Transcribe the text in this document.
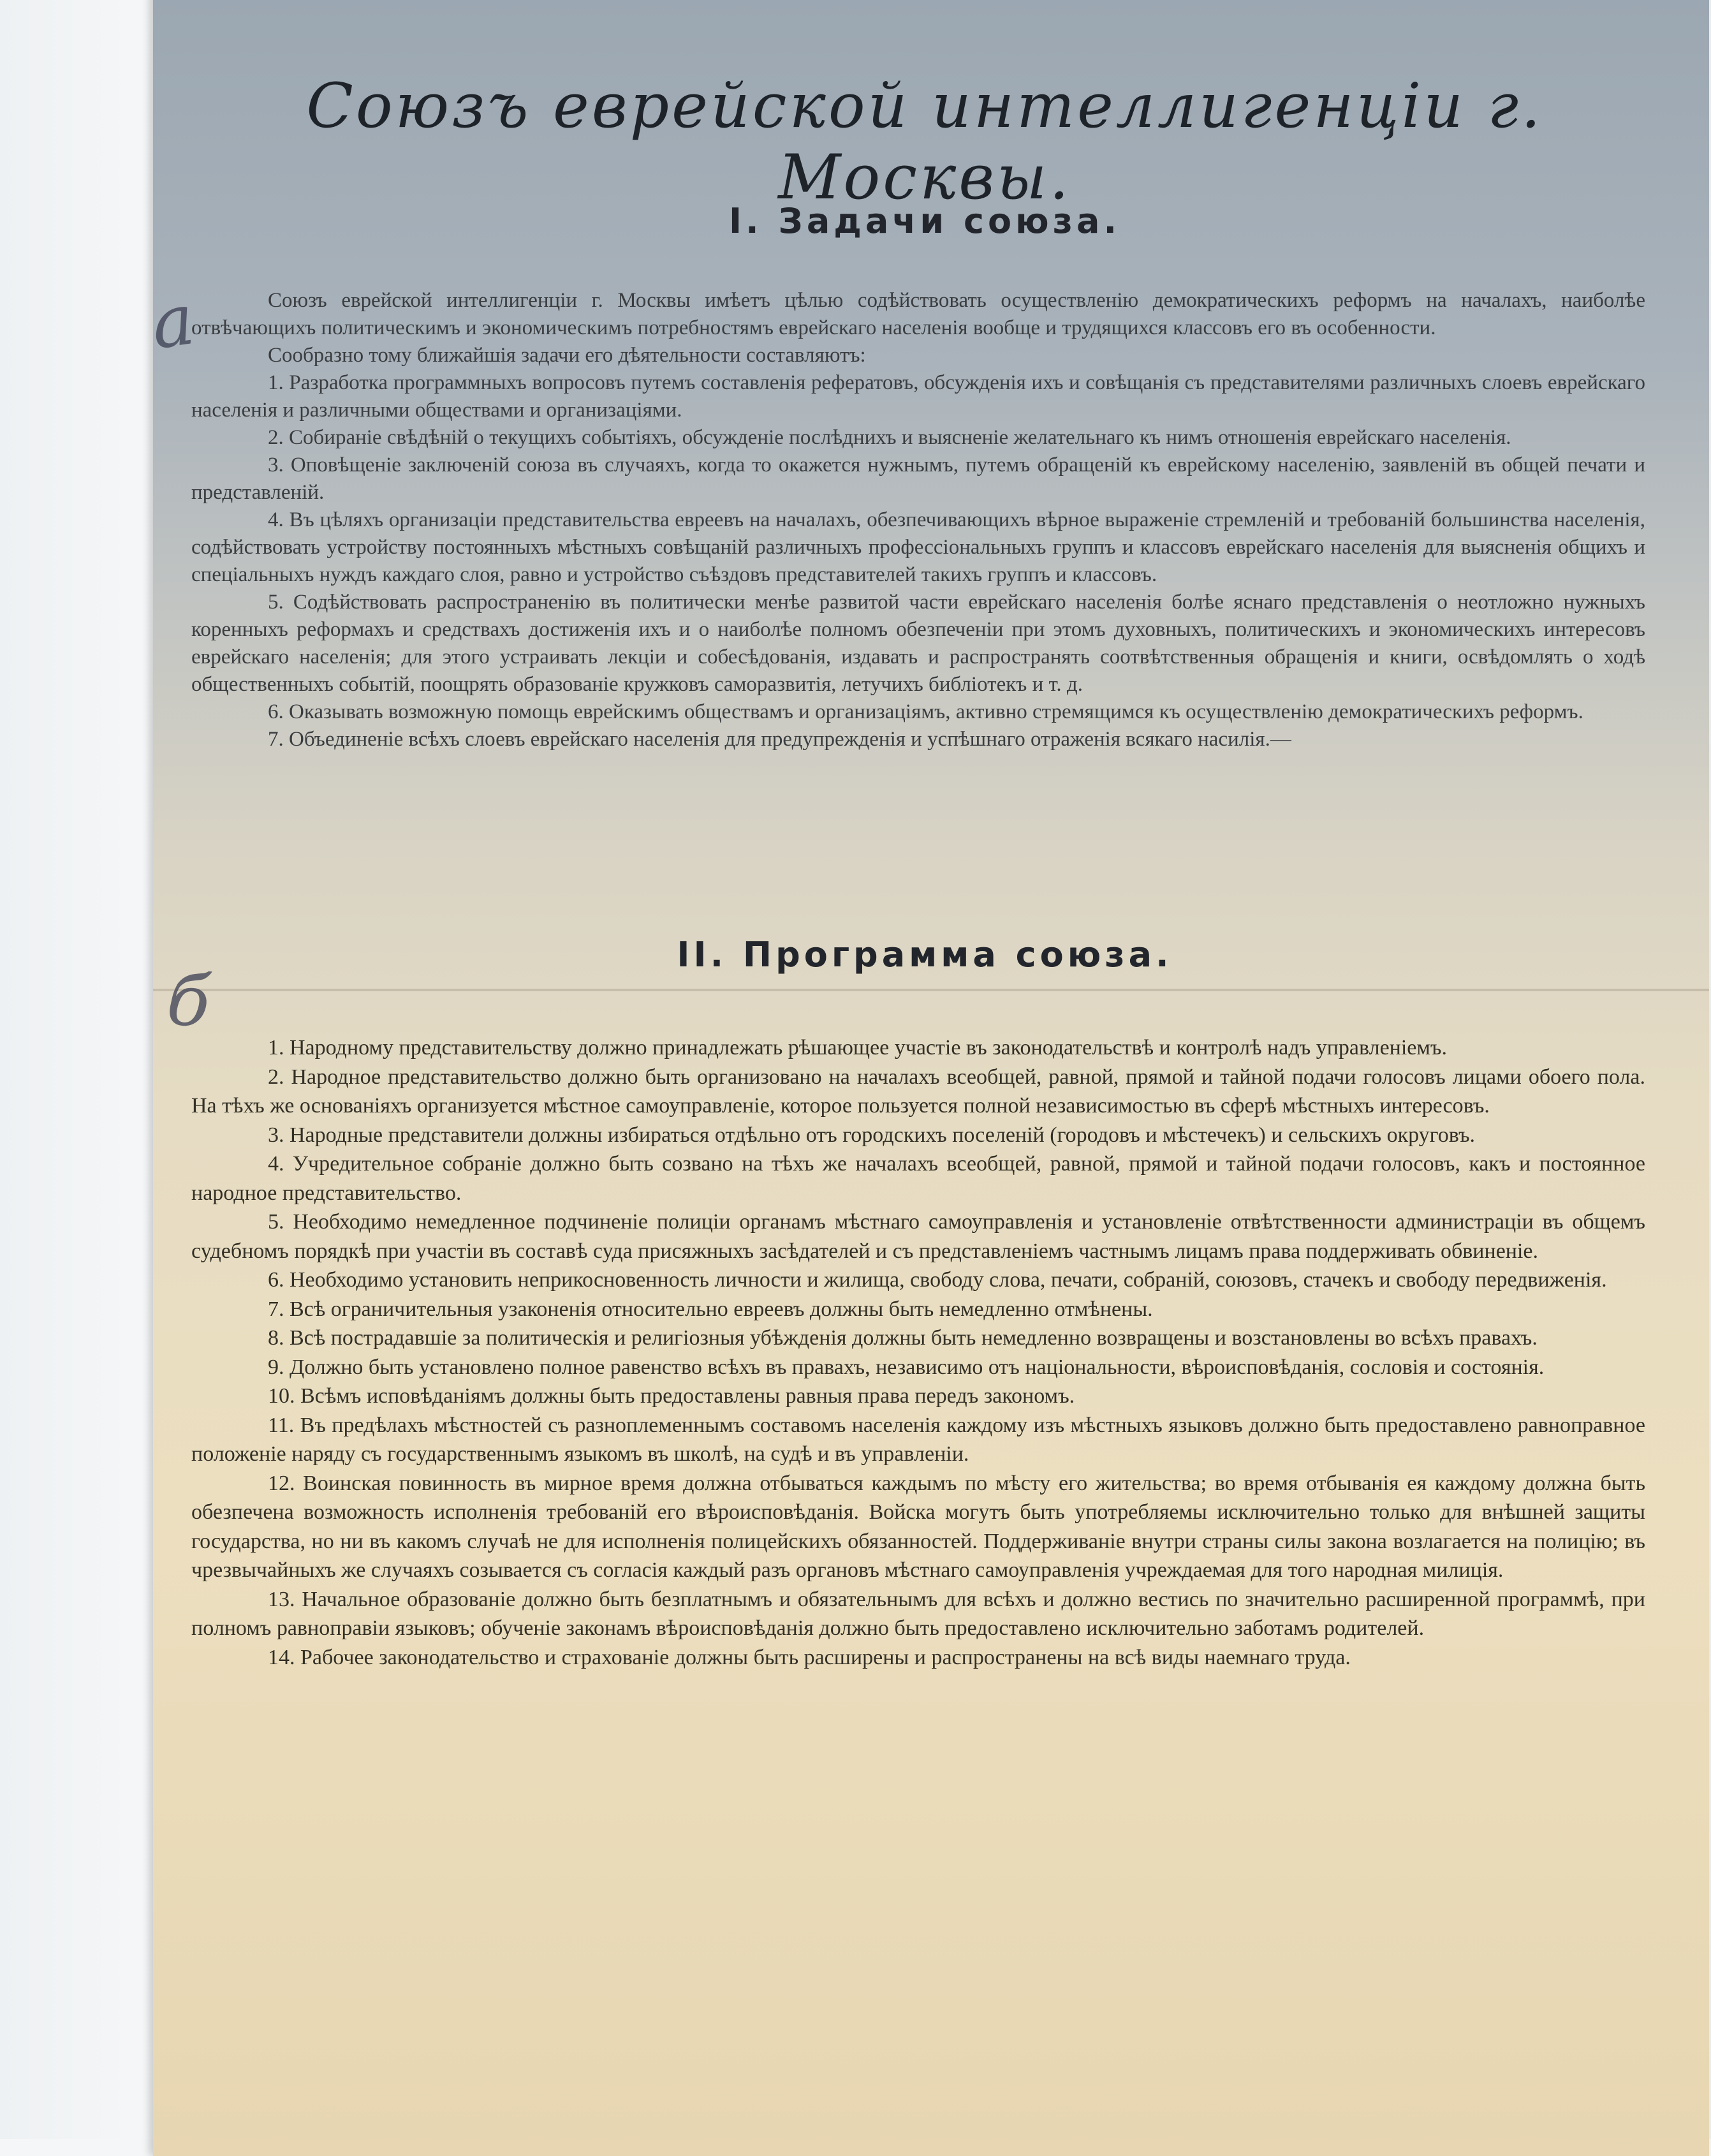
Союзъ еврейской интеллигенціи г. Москвы.
I. Задачи союза.

Союзъ еврейской интеллигенціи г. Москвы имѣетъ цѣлью содѣйствовать осуществленію демократическихъ реформъ на началахъ, наиболѣе отвѣчающихъ политическимъ и экономическимъ потребностямъ еврейскаго населенія вообще и трудящихся классовъ его въ особенности.

Сообразно тому ближайшія задачи его дѣятельности составляютъ:

1. Разработка программныхъ вопросовъ путемъ составленія рефератовъ, обсужденія ихъ и совѣщанія съ представителями различныхъ слоевъ еврейскаго населенія и различными обществами и организаціями.

2. Собираніе свѣдѣній о текущихъ событіяхъ, обсужденіе послѣднихъ и выясненіе желательнаго къ нимъ отношенія еврейскаго населенія.

3. Оповѣщеніе заключеній союза въ случаяхъ, когда то окажется нужнымъ, путемъ обращеній къ еврейскому населенію, заявленій въ общей печати и представленій.

4. Въ цѣляхъ организаціи представительства евреевъ на началахъ, обезпечивающихъ вѣрное выраженіе стремленій и требованій большинства населенія, содѣйствовать устройству постоянныхъ мѣстныхъ совѣщаній различныхъ профессіональныхъ группъ и классовъ еврейскаго населенія для выясненія общихъ и спеціальныхъ нуждъ каждаго слоя, равно и устройство съѣздовъ представителей такихъ группъ и классовъ.

5. Содѣйствовать распространенію въ политически менѣе развитой части еврейскаго населенія болѣе яснаго представленія о неотложно нужныхъ коренныхъ реформахъ и средствахъ достиженія ихъ и о наиболѣе полномъ обезпеченіи при этомъ духовныхъ, политическихъ и экономическихъ интересовъ еврейскаго населенія; для этого устраивать лекціи и собесѣдованія, издавать и распространять соотвѣтственныя обращенія и книги, освѣдомлять о ходѣ общественныхъ событій, поощрять образованіе кружковъ саморазвитія, летучихъ библіотекъ и т. д.

6. Оказывать возможную помощь еврейскимъ обществамъ и организаціямъ, активно стремящимся къ осуществленію демократическихъ реформъ.

7. Объединеніе всѣхъ слоевъ еврейскаго населенія для предупрежденія и успѣшнаго отраженія всякаго насилія.—

II. Программа союза.

1. Народному представительству должно принадлежать рѣшающее участіе въ законодательствѣ и контролѣ надъ управленіемъ.

2. Народное представительство должно быть организовано на началахъ всеобщей, равной, прямой и тайной подачи голосовъ лицами обоего пола. На тѣхъ же основаніяхъ организуется мѣстное самоуправленіе, которое пользуется полной независимостью въ сферѣ мѣстныхъ интересовъ.

3. Народные представители должны избираться отдѣльно отъ городскихъ поселеній (городовъ и мѣстечекъ) и сельскихъ округовъ.

4. Учредительное собраніе должно быть созвано на тѣхъ же началахъ всеобщей, равной, прямой и тайной подачи голосовъ, какъ и постоянное народное представительство.

5. Необходимо немедленное подчиненіе полиціи органамъ мѣстнаго самоуправленія и установленіе отвѣтственности администраціи въ общемъ судебномъ порядкѣ при участіи въ составѣ суда присяжныхъ засѣдателей и съ представленіемъ частнымъ лицамъ права поддерживать обвиненіе.

6. Необходимо установить неприкосновенность личности и жилища, свободу слова, печати, собраній, союзовъ, стачекъ и свободу передвиженія.

7. Всѣ ограничительныя узаконенія относительно евреевъ должны быть немедленно отмѣнены.

8. Всѣ пострадавшіе за политическія и религіозныя убѣжденія должны быть немедленно возвращены и возстановлены во всѣхъ правахъ.

9. Должно быть установлено полное равенство всѣхъ въ правахъ, независимо отъ національности, вѣроисповѣданія, сословія и состоянія.

10. Всѣмъ исповѣданіямъ должны быть предоставлены равныя права передъ закономъ.

11. Въ предѣлахъ мѣстностей съ разноплеменнымъ составомъ населенія каждому изъ мѣстныхъ языковъ должно быть предоставлено равноправное положеніе наряду съ государственнымъ языкомъ въ школѣ, на судѣ и въ управленіи.

12. Воинская повинность въ мирное время должна отбываться каждымъ по мѣсту его жительства; во время отбыванія ея каждому должна быть обезпечена возможность исполненія требованій его вѣроисповѣданія. Войска могутъ быть употребляемы исключительно только для внѣшней защиты государства, но ни въ какомъ случаѣ не для исполненія полицейскихъ обязанностей. Поддерживаніе внутри страны силы закона возлагается на полицію; въ чрезвычайныхъ же случаяхъ созывается съ согласія каждый разъ органовъ мѣстнаго самоуправленія учреждаемая для того народная милиція.

13. Начальное образованіе должно быть безплатнымъ и обязательнымъ для всѣхъ и должно вестись по значительно расширенной программѣ, при полномъ равноправіи языковъ; обученіе законамъ вѣроисповѣданія должно быть предоставлено исключительно заботамъ родителей.

14. Рабочее законодательство и страхованіе должны быть расширены и распространены на всѣ виды наемнаго труда.

a
б
